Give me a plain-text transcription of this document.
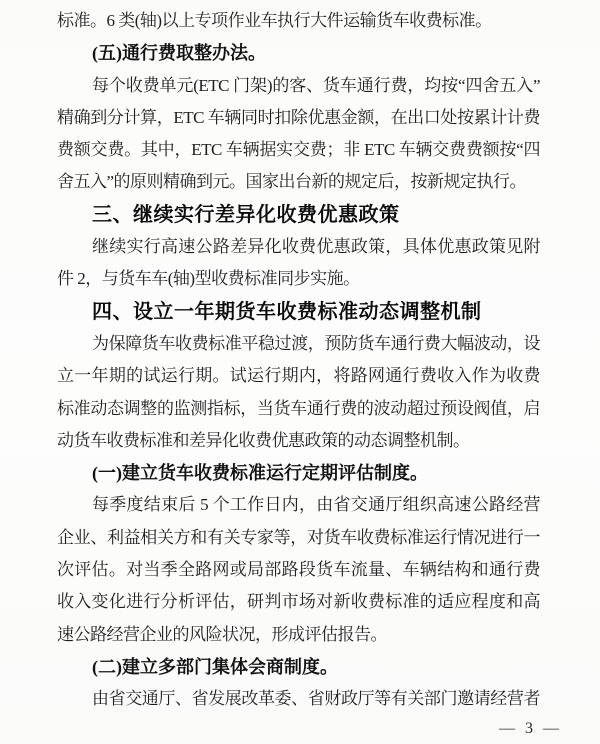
标准。6 类(轴)以上专项作业车执行大件运输货车收费标准。
(五)通行费取整办法。
每个收费单元(ETC 门架)的客、货车通行费，均按“四舍五入”
精确到分计算，ETC 车辆同时扣除优惠金额，在出口处按累计计费
费额交费。其中，ETC 车辆据实交费；非 ETC 车辆交费费额按“四
舍五入”的原则精确到元。国家出台新的规定后，按新规定执行。
三、继续实行差异化收费优惠政策
继续实行高速公路差异化收费优惠政策，具体优惠政策见附
件 2，与货车车(轴)型收费标准同步实施。
四、设立一年期货车收费标准动态调整机制
为保障货车收费标准平稳过渡，预防货车通行费大幅波动，设
立一年期的试运行期。试运行期内，将路网通行费收入作为收费
标准动态调整的监测指标，当货车通行费的波动超过预设阀值，启
动货车收费标准和差异化收费优惠政策的动态调整机制。
(一)建立货车收费标准运行定期评估制度。
每季度结束后 5 个工作日内，由省交通厅组织高速公路经营
企业、利益相关方和有关专家等，对货车收费标准运行情况进行一
次评估。对当季全路网或局部路段货车流量、车辆结构和通行费
收入变化进行分析评估，研判市场对新收费标准的适应程度和高
速公路经营企业的风险状况，形成评估报告。
(二)建立多部门集体会商制度。
由省交通厅、省发展改革委、省财政厅等有关部门邀请经营者
— 3 —
